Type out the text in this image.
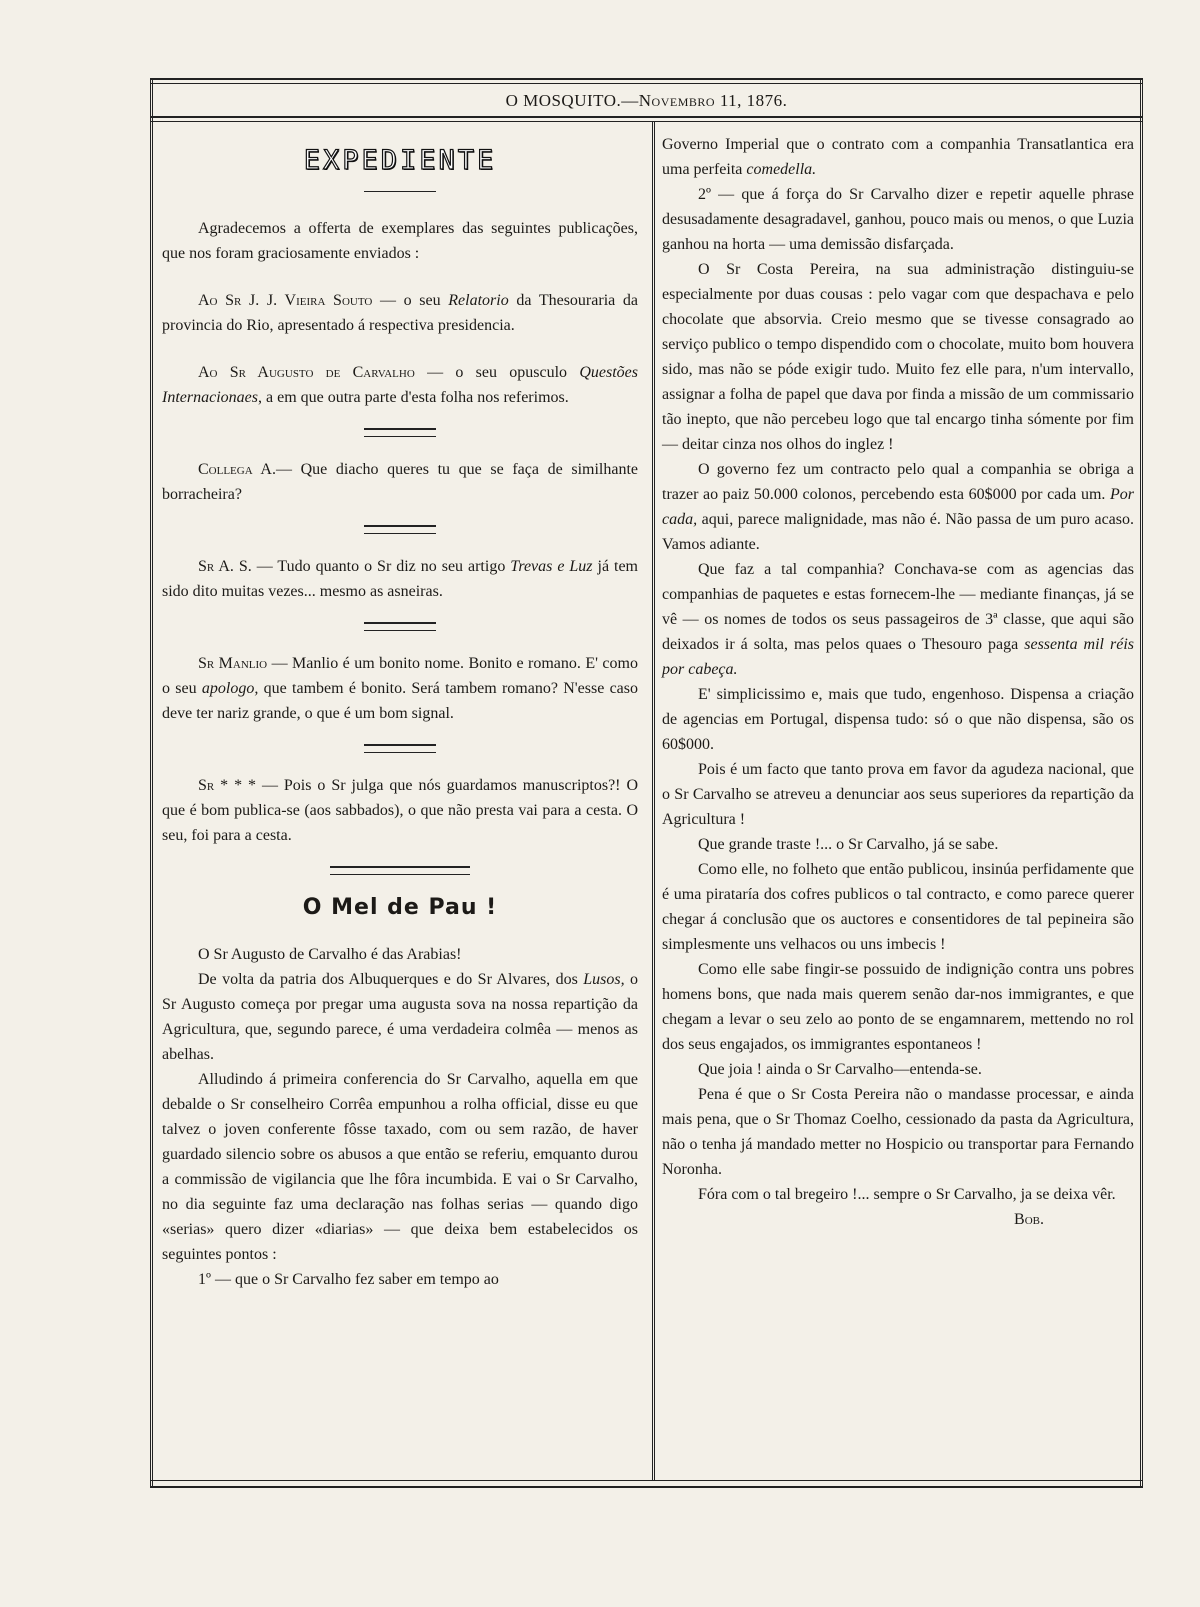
O MOSQUITO.—Novembro 11, 1876.
EXPEDIENTE

Agradecemos a offerta de exemplares das seguintes publicações, que nos foram graciosamente enviados :

Ao Sr J. J. Vieira Souto — o seu Relatorio da Thesouraria da provincia do Rio, apresentado á respectiva presidencia.

Ao Sr Augusto de Carvalho — o seu opusculo Questões Internacionaes, a em que outra parte d'esta folha nos referimos.

Collega A.— Que diacho queres tu que se faça de similhante borracheira?

Sr A. S. — Tudo quanto o Sr diz no seu artigo Trevas e Luz já tem sido dito muitas vezes... mesmo as asneiras.

Sr Manlio — Manlio é um bonito nome. Bonito e romano. E' como o seu apologo, que tambem é bonito. Será tambem romano? N'esse caso deve ter nariz grande, o que é um bom signal.

Sr * * * — Pois o Sr julga que nós guardamos manuscriptos?! O que é bom publica-se (aos sabbados), o que não presta vai para a cesta. O seu, foi para a cesta.

O Mel de Pau !

O Sr Augusto de Carvalho é das Arabias!

De volta da patria dos Albuquerques e do Sr Alvares, dos Lusos, o Sr Augusto começa por pregar uma augusta sova na nossa repartição da Agricultura, que, segundo parece, é uma verdadeira colmêa — menos as abelhas.

Alludindo á primeira conferencia do Sr Carvalho, aquella em que debalde o Sr conselheiro Corrêa empunhou a rolha official, disse eu que talvez o joven conferente fôsse taxado, com ou sem razão, de haver guardado silencio sobre os abusos a que então se referiu, emquanto durou a commissão de vigilancia que lhe fôra incumbida. E vai o Sr Carvalho, no dia seguinte faz uma declaração nas folhas serias — quando digo «serias» quero dizer «diarias» — que deixa bem estabelecidos os seguintes pontos :

1º — que o Sr Carvalho fez saber em tempo ao

Governo Imperial que o contrato com a companhia Transatlantica era uma perfeita comedella.

2º — que á força do Sr Carvalho dizer e repetir aquelle phrase desusadamente desagradavel, ganhou, pouco mais ou menos, o que Luzia ganhou na horta — uma demissão disfarçada.

O Sr Costa Pereira, na sua administração distinguiu-se especialmente por duas cousas : pelo vagar com que despachava e pelo chocolate que absorvia. Creio mesmo que se tivesse consagrado ao serviço publico o tempo dispendido com o chocolate, muito bom houvera sido, mas não se póde exigir tudo. Muito fez elle para, n'um intervallo, assignar a folha de papel que dava por finda a missão de um commissario tão inepto, que não percebeu logo que tal encargo tinha sómente por fim — deitar cinza nos olhos do inglez !

O governo fez um contracto pelo qual a companhia se obriga a trazer ao paiz 50.000 colonos, percebendo esta 60$000 por cada um. Por cada, aqui, parece malignidade, mas não é. Não passa de um puro acaso. Vamos adiante.

Que faz a tal companhia? Conchava-se com as agencias das companhias de paquetes e estas fornecem-lhe — mediante finanças, já se vê — os nomes de todos os seus passageiros de 3ª classe, que aqui são deixados ir á solta, mas pelos quaes o Thesouro paga sessenta mil réis por cabeça.

E' simplicissimo e, mais que tudo, engenhoso. Dispensa a criação de agencias em Portugal, dispensa tudo: só o que não dispensa, são os 60$000.

Pois é um facto que tanto prova em favor da agudeza nacional, que o Sr Carvalho se atreveu a denunciar aos seus superiores da repartição da Agricultura !

Que grande traste !... o Sr Carvalho, já se sabe.

Como elle, no folheto que então publicou, insinúa perfidamente que é uma pirataría dos cofres publicos o tal contracto, e como parece querer chegar á conclusão que os auctores e consentidores de tal pepineira são simplesmente uns velhacos ou uns imbecis !

Como elle sabe fingir-se possuido de indignição contra uns pobres homens bons, que nada mais querem senão dar-nos immigrantes, e que chegam a levar o seu zelo ao ponto de se engamnarem, mettendo no rol dos seus engajados, os immigrantes espontaneos !

Que joia ! ainda o Sr Carvalho—entenda-se.

Pena é que o Sr Costa Pereira não o mandasse processar, e ainda mais pena, que o Sr Thomaz Coelho, cessionado da pasta da Agricultura, não o tenha já mandado metter no Hospicio ou transportar para Fernando Noronha.

Fóra com o tal bregeiro !... sempre o Sr Carvalho, ja se deixa vêr.

Bob.
